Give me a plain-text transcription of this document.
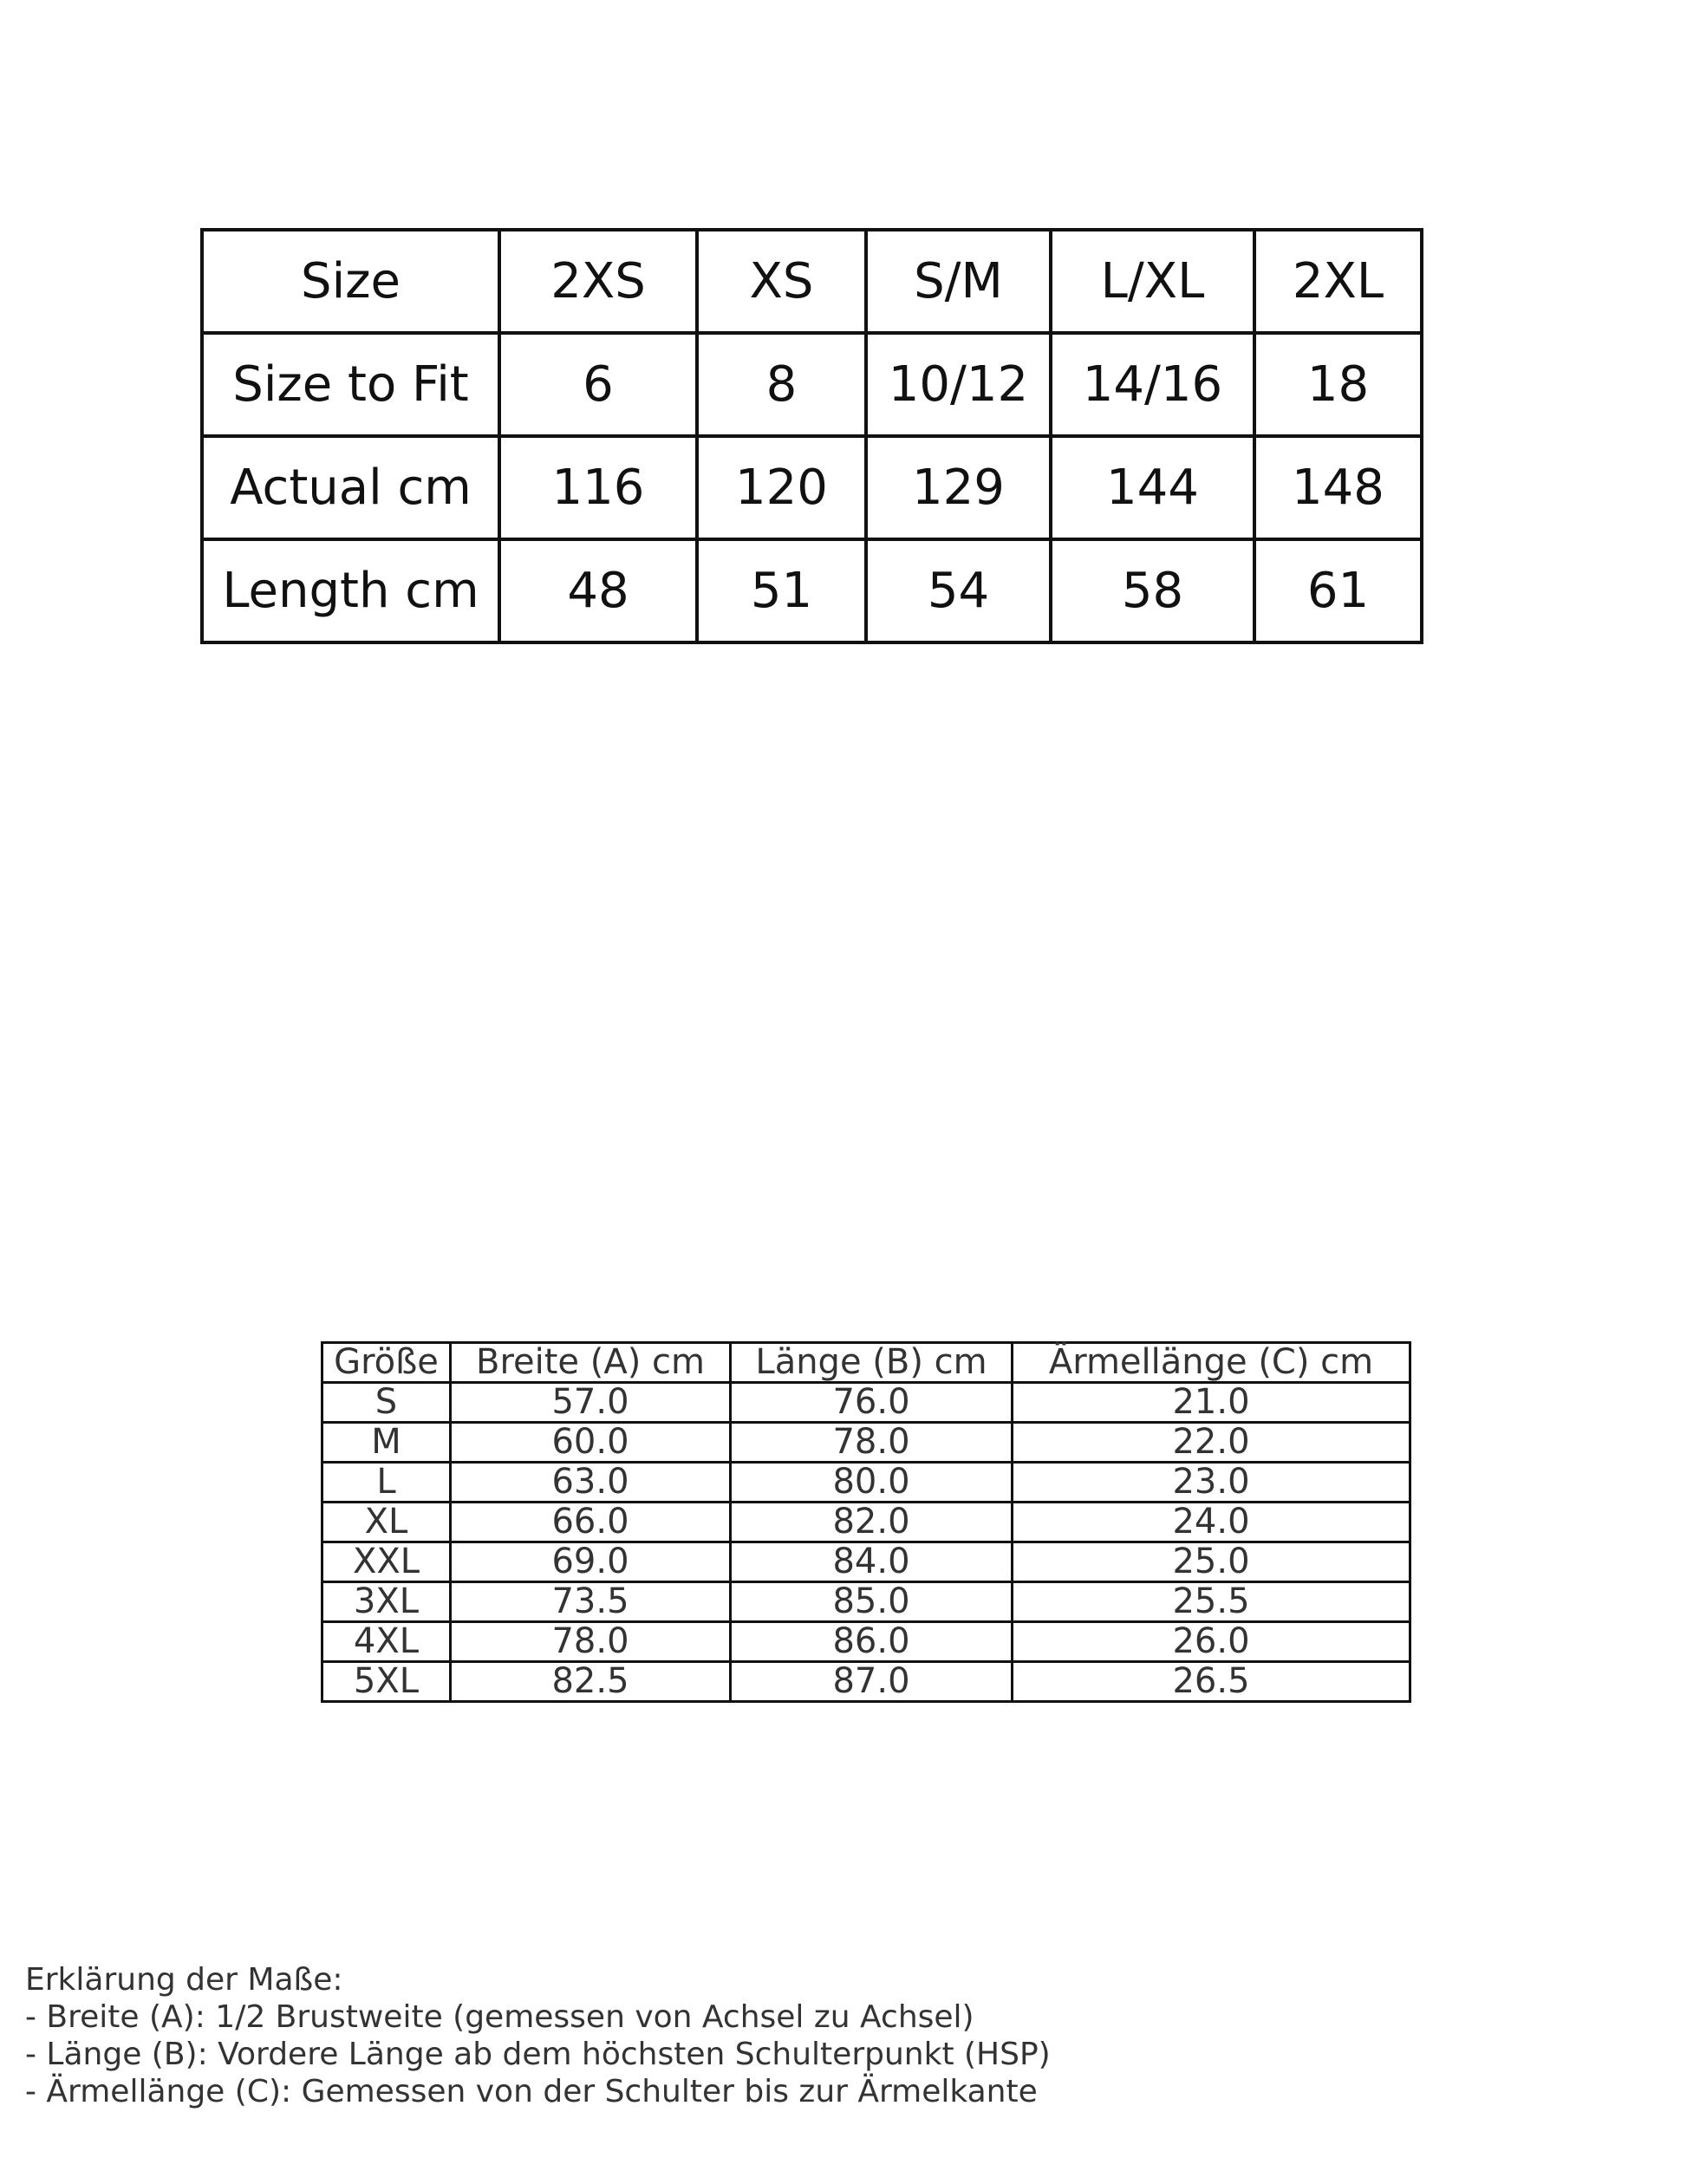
Size	2XS	XS	S/M	L/XL	2XL
Size to Fit	6	8	10/12	14/16	18
Actual cm	116	120	129	144	148
Length cm	48	51	54	58	61
Größe	Breite (A) cm	Länge (B) cm	Ärmellänge (C) cm
S	57.0	76.0	21.0
M	60.0	78.0	22.0
L	63.0	80.0	23.0
XL	66.0	82.0	24.0
XXL	69.0	84.0	25.0
3XL	73.5	85.0	25.5
4XL	78.0	86.0	26.0
5XL	82.5	87.0	26.5
Erklärung der Maße:
- Breite (A): 1/2 Brustweite (gemessen von Achsel zu Achsel)
- Länge (B): Vordere Länge ab dem höchsten Schulterpunkt (HSP)
- Ärmellänge (C): Gemessen von der Schulter bis zur Ärmelkante
